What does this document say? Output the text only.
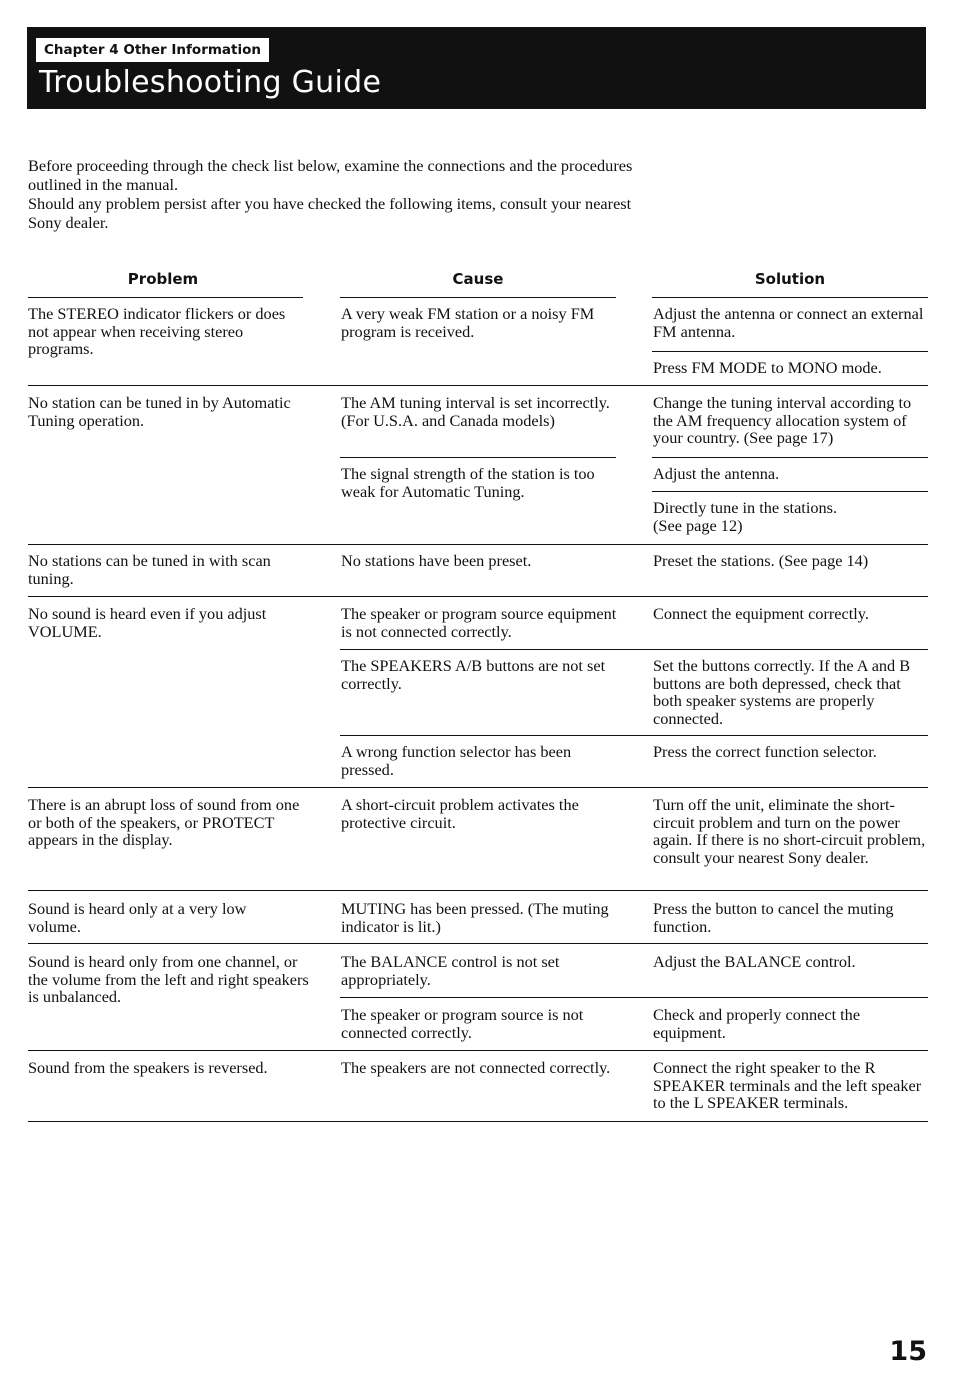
Chapter 4 Other Information
Troubleshooting Guide

Before proceeding through the check list below, examine the connections and the procedures outlined in the manual.

Should any problem persist after you have checked the following items, consult your nearest Sony dealer.

Problem	Cause	Solution
The STEREO indicator flickers or does not appear when receiving stereo programs.
No station can be tuned in by Automatic Tuning operation.
No stations can be tuned in with scan tuning.
No sound is heard even if you adjust VOLUME.
There is an abrupt loss of sound from one or both of the speakers, or PROTECT appears in the display.
Sound is heard only at a very low volume.
Sound is heard only from one channel, or the volume from the left and right speakers is unbalanced.
Sound from the speakers is reversed.
A very weak FM station or a noisy FM program is received.
The AM tuning interval is set incorrectly. (For U.S.A. and Canada models)
The signal strength of the station is too weak for Automatic Tuning.
No stations have been preset.
The speaker or program source equipment is not connected correctly.
The SPEAKERS A/B buttons are not set correctly.
A wrong function selector has been pressed.
A short-circuit problem activates the protective circuit.
MUTING has been pressed. (The muting indicator is lit.)
The BALANCE control is not set appropriately.
The speaker or program source is not connected correctly.
The speakers are not connected correctly.
Adjust the antenna or connect an external FM antenna.
Press FM MODE to MONO mode.
Change the tuning interval according to the AM frequency allocation system of your country. (See page 17)
Adjust the antenna.
Directly tune in the stations. (See page 12)
Preset the stations. (See page 14)
Connect the equipment correctly.
Set the buttons correctly. If the A and B buttons are both depressed, check that both speaker systems are properly connected.
Press the correct function selector.
Turn off the unit, eliminate the short-circuit problem and turn on the power again. If there is no short-circuit problem, consult your nearest Sony dealer.
Press the button to cancel the muting function.
Adjust the BALANCE control.
Check and properly connect the equipment.
Connect the right speaker to the R SPEAKER terminals and the left speaker to the L SPEAKER terminals.
15
